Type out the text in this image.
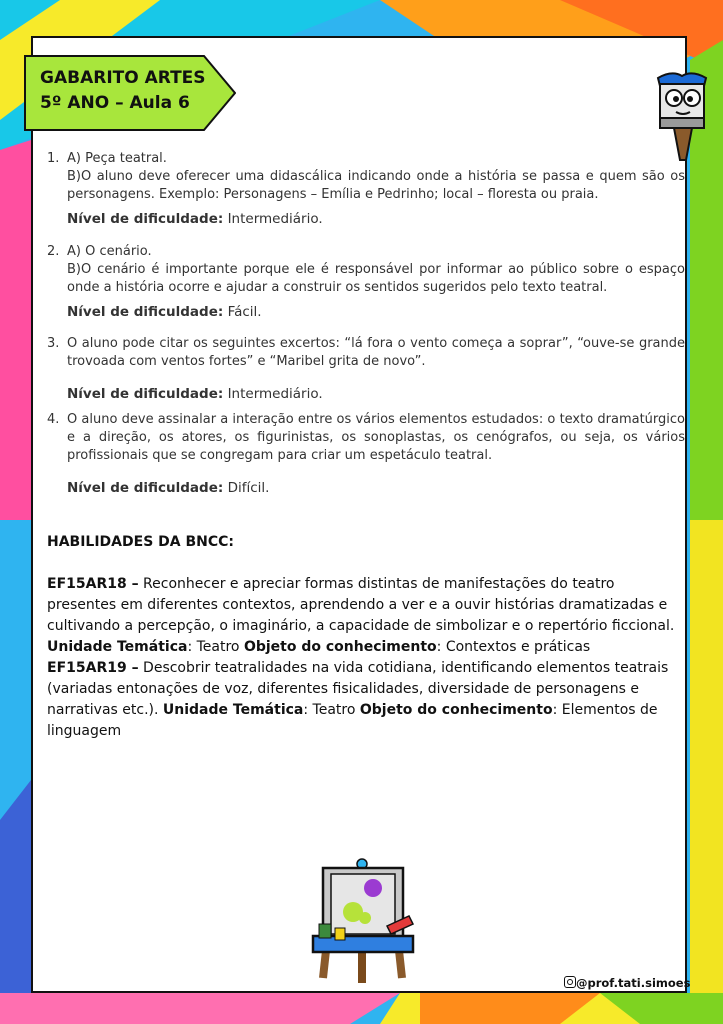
GABARITO ARTES
5º ANO – Aula 6
1. A) Peça teatral.
B)O aluno deve oferecer uma didascálica indicando onde a história se passa e quem são os personagens. Exemplo: Personagens – Emília e Pedrinho; local – floresta ou praia.
Nível de dificuldade: Intermediário.
2. A) O cenário.
B)O cenário é importante porque ele é responsável por informar ao público sobre o espaço onde a história ocorre e ajudar a construir os sentidos sugeridos pelo texto teatral.
Nível de dificuldade: Fácil.
3. O aluno pode citar os seguintes excertos: “lá fora o vento começa a soprar”, “ouve-se grande trovoada com ventos fortes” e “Maribel grita de novo”.
Nível de dificuldade: Intermediário.
4. O aluno deve assinalar a interação entre os vários elementos estudados: o texto dramatúrgico e a direção, os atores, os figurinistas, os sonoplastas, os cenógrafos, ou seja, os vários profissionais que se congregam para criar um espetáculo teatral.
Nível de dificuldade: Difícil.
HABILIDADES DA BNCC:
EF15AR18 – Reconhecer e apreciar formas distintas de manifestações do teatro presentes em diferentes contextos, aprendendo a ver e a ouvir histórias dramatizadas e cultivando a percepção, o imaginário, a capacidade de simbolizar e o repertório ficcional. Unidade Temática: Teatro Objeto do conhecimento: Contextos e práticas
EF15AR19 – Descobrir teatralidades na vida cotidiana, identificando elementos teatrais (variadas entonações de voz, diferentes fisicalidades, diversidade de personagens e narrativas etc.). Unidade Temática: Teatro Objeto do conhecimento: Elementos de linguagem
@prof.tati.simoes
